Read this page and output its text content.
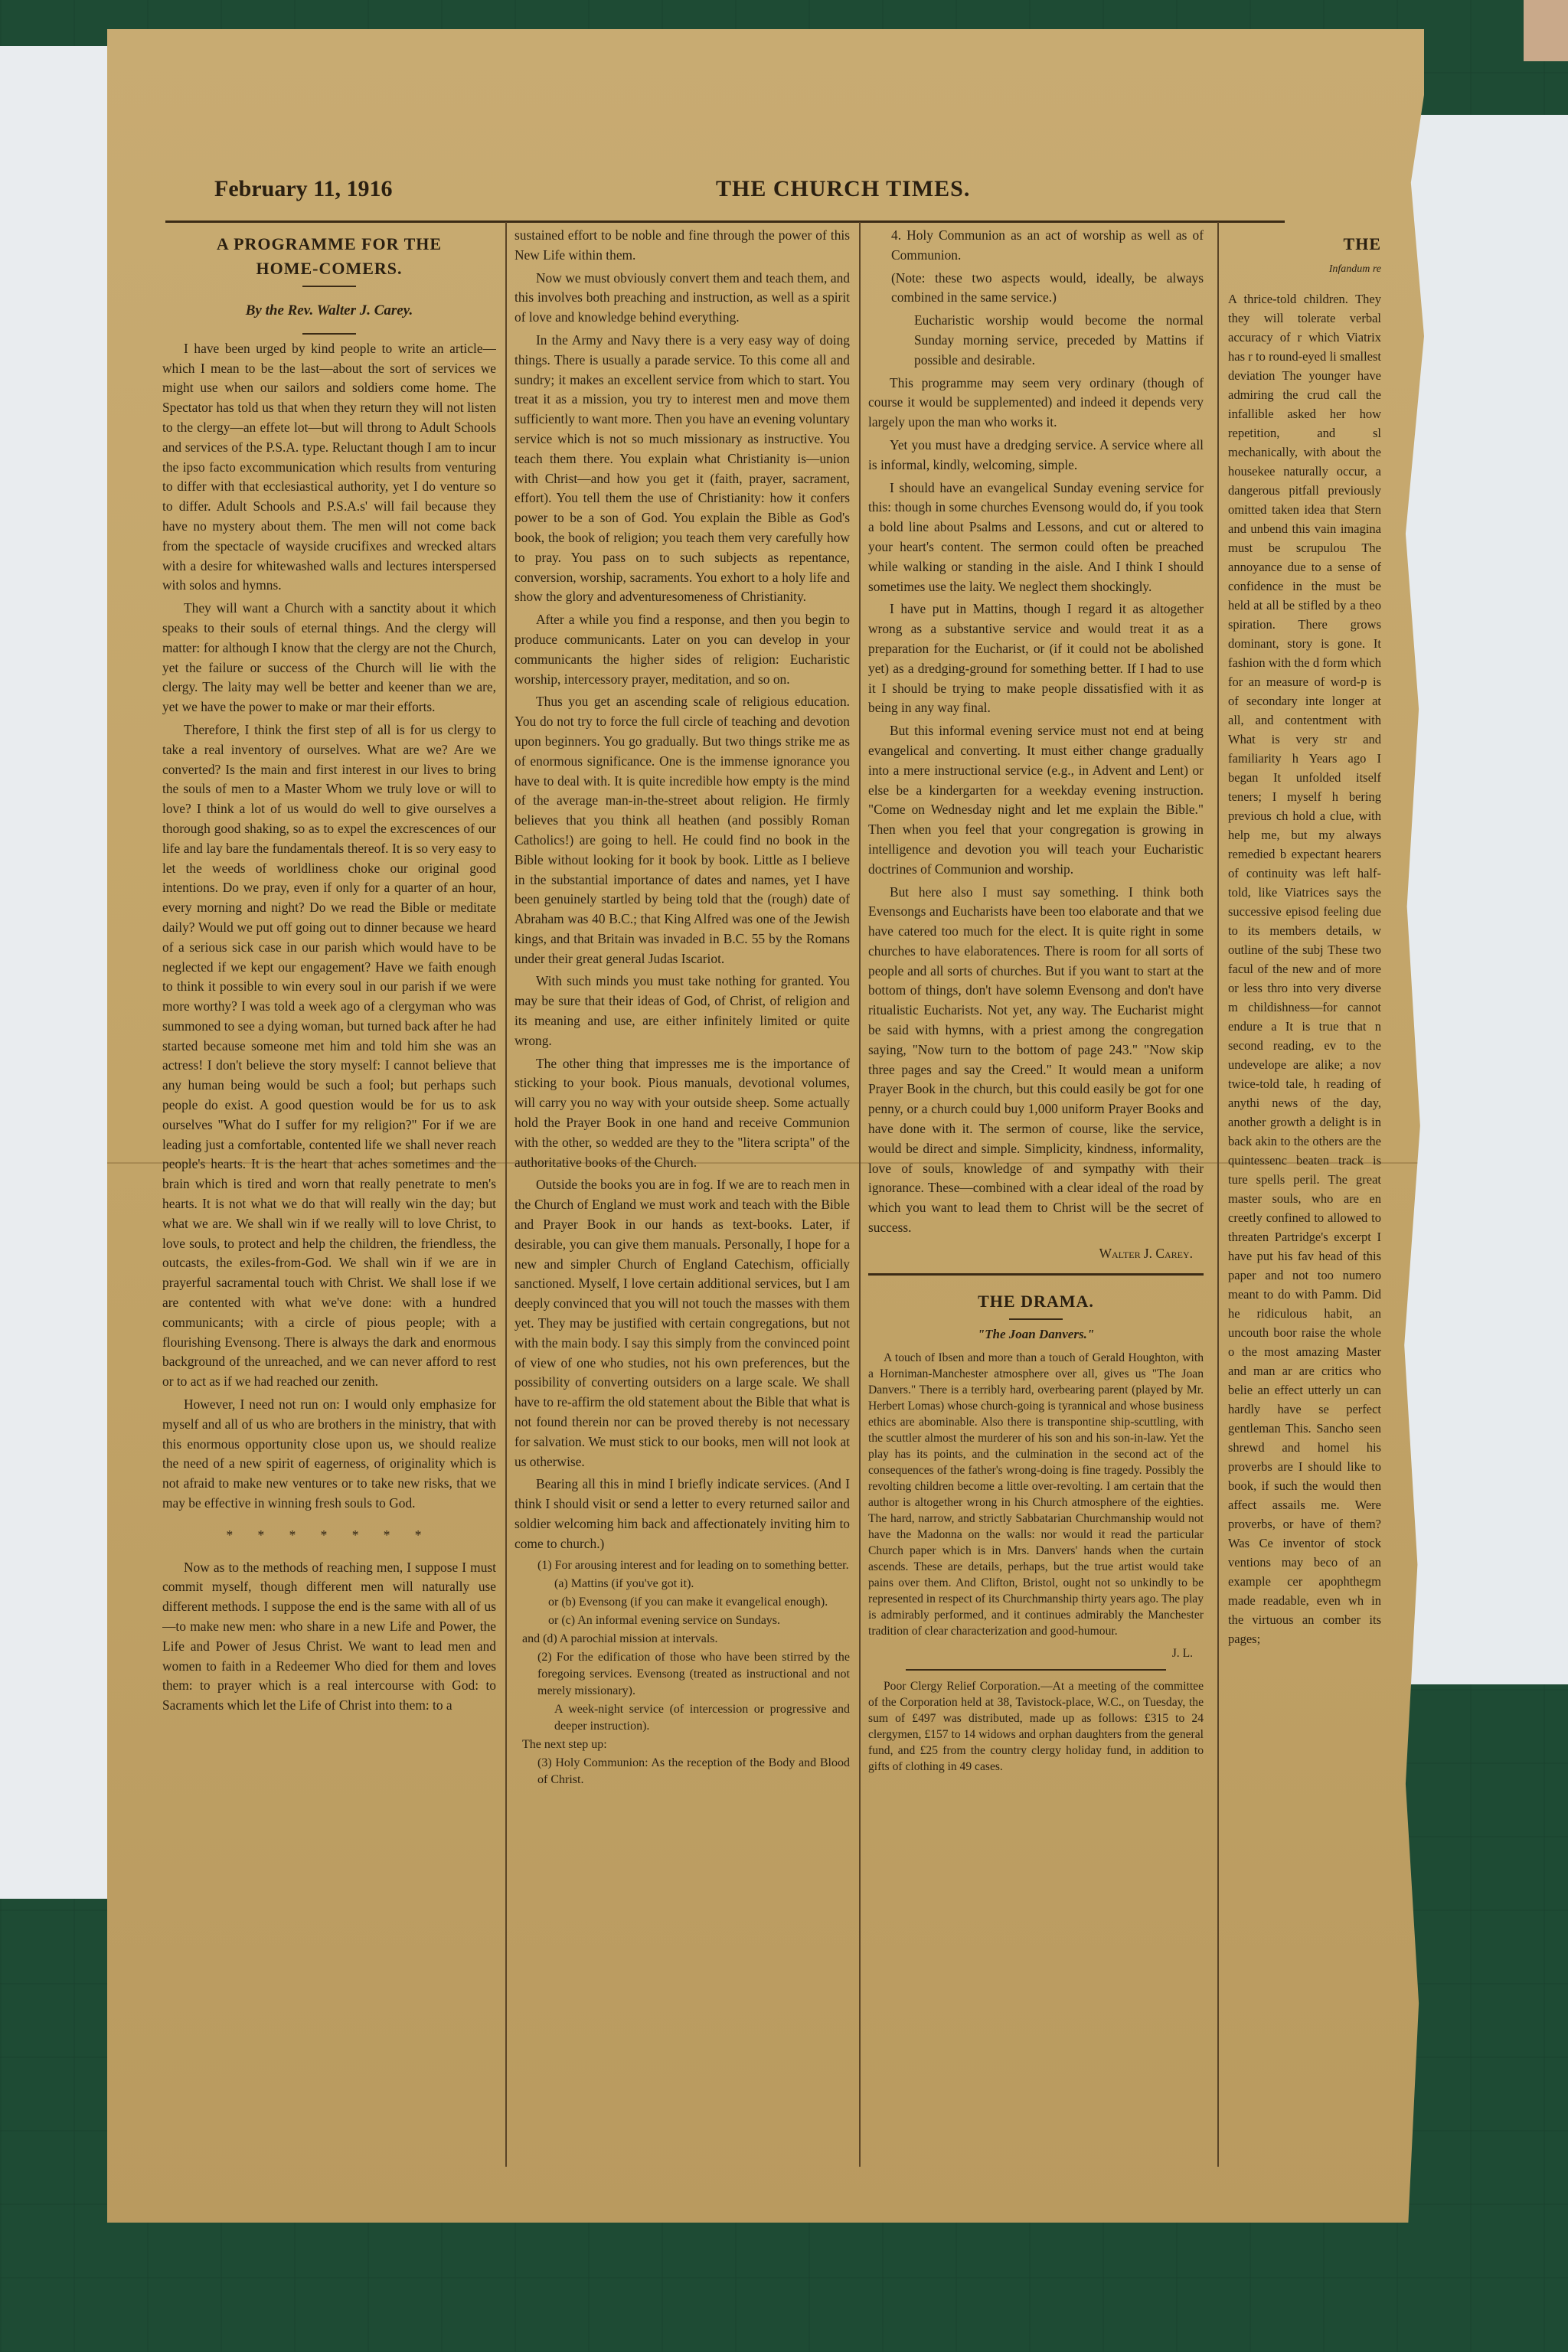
February 11, 1916	THE CHURCH TIMES.
A PROGRAMME FOR THE
HOME-COMERS.
By the Rev. Walter J. Carey.

I have been urged by kind people to write an article—which I mean to be the last—about the sort of services we might use when our sailors and soldiers come home. The Spectator has told us that when they return they will not listen to the clergy—an effete lot—but will throng to Adult Schools and services of the P.S.A. type. Reluctant though I am to incur the ipso facto excommunication which results from venturing to differ with that ecclesiastical authority, yet I do venture so to differ. Adult Schools and P.S.A.s' will fail because they have no mystery about them. The men will not come back from the spectacle of wayside crucifixes and wrecked altars with a desire for whitewashed walls and lectures interspersed with solos and hymns.

They will want a Church with a sanctity about it which speaks to their souls of eternal things. And the clergy will matter: for although I know that the clergy are not the Church, yet the failure or success of the Church will lie with the clergy. The laity may well be better and keener than we are, yet we have the power to make or mar their efforts.

Therefore, I think the first step of all is for us clergy to take a real inventory of ourselves. What are we? Are we converted? Is the main and first interest in our lives to bring the souls of men to a Master Whom we truly love or will to love? I think a lot of us would do well to give ourselves a thorough good shaking, so as to expel the excrescences of our life and lay bare the fundamentals thereof. It is so very easy to let the weeds of worldliness choke our original good intentions. Do we pray, even if only for a quarter of an hour, every morning and night? Do we read the Bible or meditate daily? Would we put off going out to dinner because we heard of a serious sick case in our parish which would have to be neglected if we kept our engagement? Have we faith enough to think it possible to win every soul in our parish if we were more worthy? I was told a week ago of a clergyman who was summoned to see a dying woman, but turned back after he had started because someone met him and told him she was an actress! I don't believe the story myself: I cannot believe that any human being would be such a fool; but perhaps such people do exist. A good question would be for us to ask ourselves "What do I suffer for my religion?" For if we are leading just a comfortable, contented life we shall never reach people's hearts. It is the heart that aches sometimes and the brain which is tired and worn that really penetrate to men's hearts. It is not what we do that will really win the day; but what we are. We shall win if we really will to love Christ, to love souls, to protect and help the children, the friendless, the outcasts, the exiles-from-God. We shall win if we are in prayerful sacramental touch with Christ. We shall lose if we are contented with what we've done: with a hundred communicants; with a circle of pious people; with a flourishing Evensong. There is always the dark and enormous background of the unreached, and we can never afford to rest or to act as if we had reached our zenith.

However, I need not run on: I would only emphasize for myself and all of us who are brothers in the ministry, that with this enormous opportunity close upon us, we should realize the need of a new spirit of eagerness, of originality which is not afraid to make new ventures or to take new risks, that we may be effective in winning fresh souls to God.

* * * * * * *

Now as to the methods of reaching men, I suppose I must commit myself, though different men will naturally use different methods. I suppose the end is the same with all of us—to make new men: who share in a new Life and Power, the Life and Power of Jesus Christ. We want to lead men and women to faith in a Redeemer Who died for them and loves them: to prayer which is a real intercourse with God: to Sacraments which let the Life of Christ into them: to a

sustained effort to be noble and fine through the power of this New Life within them.

Now we must obviously convert them and teach them, and this involves both preaching and instruction, as well as a spirit of love and knowledge behind everything.

In the Army and Navy there is a very easy way of doing things. There is usually a parade service. To this come all and sundry; it makes an excellent service from which to start. You treat it as a mission, you try to interest men and move them sufficiently to want more. Then you have an evening voluntary service which is not so much missionary as instructive. You teach them there. You explain what Christianity is—union with Christ—and how you get it (faith, prayer, sacrament, effort). You tell them the use of Christianity: how it confers power to be a son of God. You explain the Bible as God's book, the book of religion; you teach them very carefully how to pray. You pass on to such subjects as repentance, conversion, worship, sacraments. You exhort to a holy life and show the glory and adventuresomeness of Christianity.

After a while you find a response, and then you begin to produce communicants. Later on you can develop in your communicants the higher sides of religion: Eucharistic worship, intercessory prayer, meditation, and so on.

Thus you get an ascending scale of religious education. You do not try to force the full circle of teaching and devotion upon beginners. You go gradually. But two things strike me as of enormous significance. One is the immense ignorance you have to deal with. It is quite incredible how empty is the mind of the average man-in-the-street about religion. He firmly believes that you think all heathen (and possibly Roman Catholics!) are going to hell. He could find no book in the Bible without looking for it book by book. Little as I believe in the substantial importance of dates and names, yet I have been genuinely startled by being told that the (rough) date of Abraham was 40 B.C.; that King Alfred was one of the Jewish kings, and that Britain was invaded in B.C. 55 by the Romans under their great general Judas Iscariot.

With such minds you must take nothing for granted. You may be sure that their ideas of God, of Christ, of religion and its meaning and use, are either infinitely limited or quite wrong.

The other thing that impresses me is the importance of sticking to your book. Pious manuals, devotional volumes, will carry you no way with your outside sheep. Some actually hold the Prayer Book in one hand and receive Communion with the other, so wedded are they to the "litera scripta" of the authoritative books of the Church.

Outside the books you are in fog. If we are to reach men in the Church of England we must work and teach with the Bible and Prayer Book in our hands as text-books. Later, if desirable, you can give them manuals. Personally, I hope for a new and simpler Church of England Catechism, officially sanctioned. Myself, I love certain additional services, but I am deeply convinced that you will not touch the masses with them yet. They may be justified with certain congregations, but not with the main body. I say this simply from the convinced point of view of one who studies, not his own preferences, but the possibility of converting outsiders on a large scale. We shall have to re-affirm the old statement about the Bible that what is not found therein nor can be proved thereby is not necessary for salvation. We must stick to our books, men will not look at us otherwise.

Bearing all this in mind I briefly indicate services. (And I think I should visit or send a letter to every returned sailor and soldier welcoming him back and affectionately inviting him to come to church.)

(1) For arousing interest and for leading on to something better.

(a) Mattins (if you've got it).

or (b) Evensong (if you can make it evangelical enough).

or (c) An informal evening service on Sundays.

and (d) A parochial mission at intervals.

(2) For the edification of those who have been stirred by the foregoing services. Evensong (treated as instructional and not merely missionary).

A week-night service (of intercession or progressive and deeper instruction).

The next step up:

(3) Holy Communion: As the reception of the Body and Blood of Christ.

4. Holy Communion as an act of worship as well as of Communion.

(Note: these two aspects would, ideally, be always combined in the same service.)

Eucharistic worship would become the normal Sunday morning service, preceded by Mattins if possible and desirable.

This programme may seem very ordinary (though of course it would be supplemented) and indeed it depends very largely upon the man who works it.

Yet you must have a dredging service. A service where all is informal, kindly, welcoming, simple.

I should have an evangelical Sunday evening service for this: though in some churches Evensong would do, if you took a bold line about Psalms and Lessons, and cut or altered to your heart's content. The sermon could often be preached while walking or standing in the aisle. And I think I should sometimes use the laity. We neglect them shockingly.

I have put in Mattins, though I regard it as altogether wrong as a substantive service and would treat it as a preparation for the Eucharist, or (if it could not be abolished yet) as a dredging-ground for something better. If I had to use it I should be trying to make people dissatisfied with it as being in any way final.

But this informal evening service must not end at being evangelical and converting. It must either change gradually into a mere instructional service (e.g., in Advent and Lent) or else be a kindergarten for a weekday evening instruction. "Come on Wednesday night and let me explain the Bible." Then when you feel that your congregation is growing in intelligence and devotion you will teach your Eucharistic doctrines of Communion and worship.

But here also I must say something. I think both Evensongs and Eucharists have been too elaborate and that we have catered too much for the elect. It is quite right in some churches to have elaboratences. There is room for all sorts of people and all sorts of churches. But if you want to start at the bottom of things, don't have solemn Evensong and don't have ritualistic Eucharists. Not yet, any way. The Eucharist might be said with hymns, with a priest among the congregation saying, "Now turn to the bottom of page 243." "Now skip three pages and say the Creed." It would mean a uniform Prayer Book in the church, but this could easily be got for one penny, or a church could buy 1,000 uniform Prayer Books and have done with it. The sermon of course, like the service, would be direct and simple. Simplicity, kindness, informality, love of souls, knowledge of and sympathy with their ignorance. These—combined with a clear ideal of the road by which you want to lead them to Christ will be the secret of success.

Walter J. Carey.
THE DRAMA.
"The Joan Danvers."

A touch of Ibsen and more than a touch of Gerald Houghton, with a Horniman-Manchester atmosphere over all, gives us "The Joan Danvers." There is a terribly hard, overbearing parent (played by Mr. Herbert Lomas) whose church-going is tyrannical and whose business ethics are abominable. Also there is transpontine ship-scuttling, with the scuttler almost the murderer of his son and his son-in-law. Yet the play has its points, and the culmination in the second act of the consequences of the father's wrong-doing is fine tragedy. Possibly the revolting children become a little over-revolting. I am certain that the author is altogether wrong in his Church atmosphere of the eighties. The hard, narrow, and strictly Sabbatarian Churchmanship would not have the Madonna on the walls: nor would it read the particular Church paper which is in Mrs. Danvers' hands when the curtain ascends. These are details, perhaps, but the true artist would take pains over them. And Clifton, Bristol, ought not so unkindly to be represented in respect of its Churchmanship thirty years ago. The play is admirably performed, and it continues admirably the Manchester tradition of clear characterization and good-humour.

J. L.

Poor Clergy Relief Corporation.—At a meeting of the committee of the Corporation held at 38, Tavistock-place, W.C., on Tuesday, the sum of £497 was distributed, made up as follows: £315 to 24 clergymen, £157 to 14 widows and orphan daughters from the general fund, and £25 from the country clergy holiday fund, in addition to gifts of clothing in 49 cases.

THE
Infandum re

A thrice-told children. They they will tolerate verbal accuracy of r which Viatrix has r to round-eyed li smallest deviation The younger have admiring the crud call the infallible asked her how repetition, and sl mechanically, with about the housekee naturally occur, a dangerous pitfall previously omitted taken idea that Stern and unbend this vain imagina must be scrupulou The annoyance due to a sense of confidence in the must be held at all be stifled by a theo spiration. There grows dominant, story is gone. It fashion with the d form which for an measure of word-p is of secondary inte longer at all, and contentment with What is very str and familiarity h Years ago I began It unfolded itself teners; I myself h bering previous ch hold a clue, with help me, but my always remedied b expectant hearers of continuity was left half-told, like Viatrices says the successive episod feeling due to its members details, w outline of the subj These two facul of the new and of more or less thro into very diverse m childishness—for cannot endure a It is true that n second reading, ev to the undevelope are alike; a nov twice-told tale, h reading of anythi news of the day, another growth a delight is in back akin to the others are the quintessenc beaten track is ture spells peril. The great master souls, who are en creetly confined to allowed to threaten Partridge's excerpt I have put his fav head of this paper and not too numero meant to do with Pamm. Did he ridiculous habit, an uncouth boor raise the whole o the most amazing Master and man ar are critics who belie an effect utterly un can hardly have se perfect gentleman This. Sancho seen shrewd and homel his proverbs are I should like to book, if such the would then affect assails me. Were proverbs, or have of them? Was Ce inventor of stock ventions may beco of an example cer apophthegm made readable, even wh in the virtuous an comber its pages;
